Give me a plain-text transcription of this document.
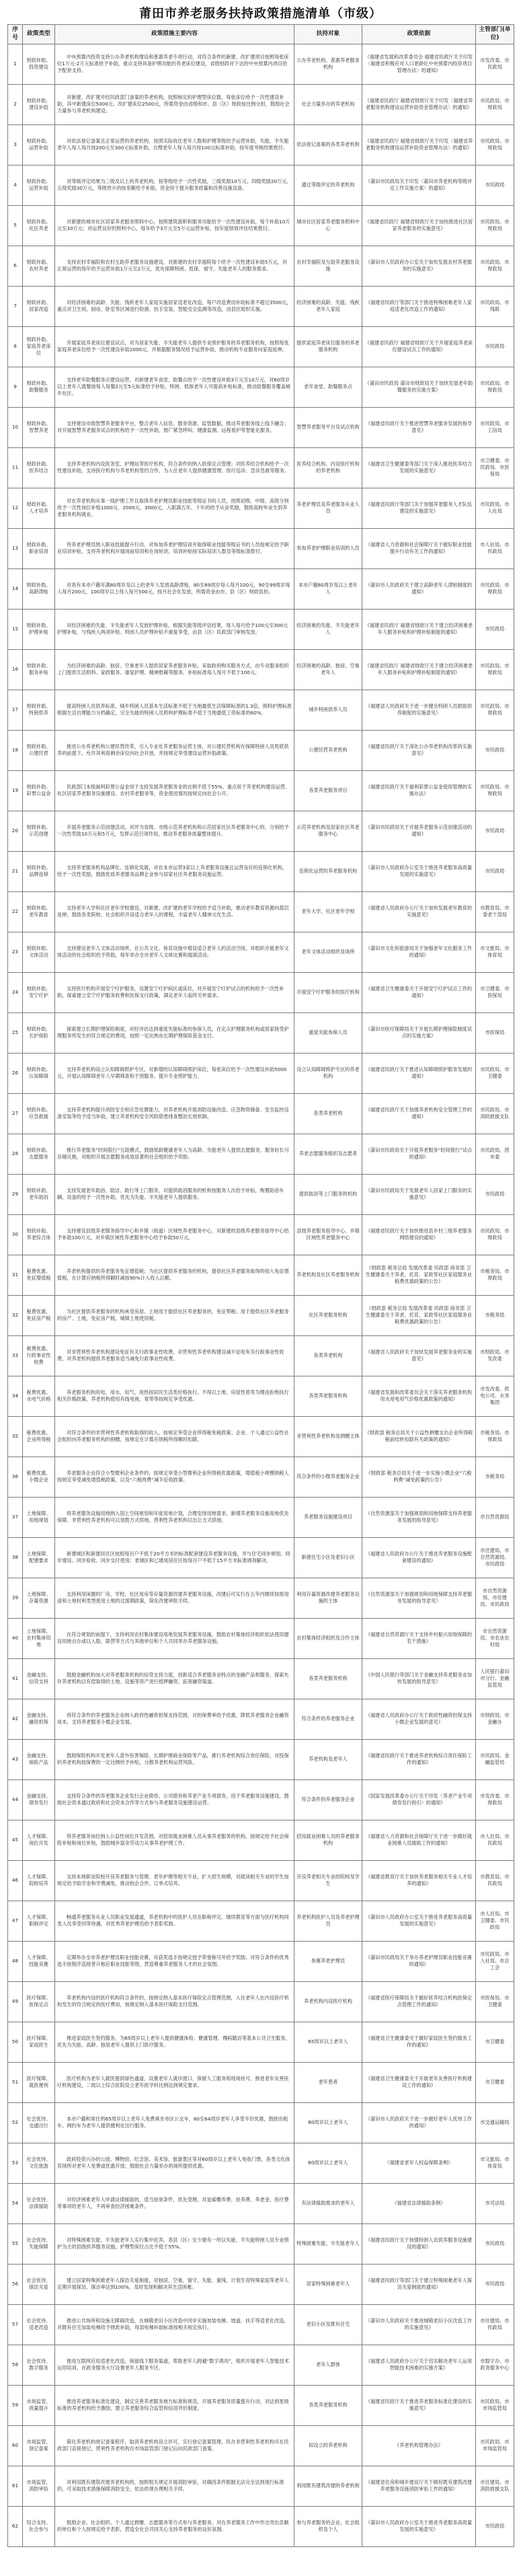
莆田市养老服务扶持政策措施清单（市级）
序号	政策类型	政策措施主要内容	扶持对象	政策依据	主管部门(单位)
1	财政补助、投资建设	中央预算内投资支持公办养老机构建设和普惠养老专项行动，对符合条件的新建、改扩建项目按照每张床位1万元-2万元标准给予补助，重点支持具备护理功能的养老床位建设，省级财政对下达的中央预算内项目给予配套支持。	公办养老机构、普惠养老服务机构	《福建省发展和改革委员会 福建省民政厅关于印发〈福建省积极应对人口老龄化中央预算内投资项目管理办法〉的通知》	市发改委、市民政局
2	财政补助、建设补助	对新建、改扩建并经民政部门备案的养老机构，按照核定的护理型床位数，每张床位给予一次性建设补助，其中新建床位5000元、改扩建床位2500元，所需资金由省级和市、县（区）财政按比例分担，鼓励社会力量参与养老机构建设。	社会力量举办的养老机构	《福建省民政厅 福建省财政厅关于印发〈福建省养老服务机构建设运营补助资金管理办法〉的通知》	市民政局、市财政局
3	财政补助、运营补助	对依法登记备案且正常运营的养老机构，按照实际收住老年人数和护理等级给予运营补助，失能、半失能老年人每人每月按200元至300元标准补助，自理老年人每人每月按100元标准补助，按年度考核结果拨付。	依法登记备案的各类养老机构	《福建省民政厅 福建省财政厅关于印发〈福建省养老服务机构建设运营补助资金管理办法〉的通知》	市民政局、市财政局
4	财政补助、运营补助	对等级评定结果为三级及以上的养老机构，按等级给予一次性奖励，三级奖励10万元、四级奖励20万元、五级奖励30万元，等级晋升的按差额给予补助，资金用于提升服务质量和改善设施设备。	通过等级评定的养老机构	《莆田市民政局关于印发〈莆田市养老机构等级评定工作实施方案〉的通知》	市民政局
5	财政补助、社区养老	对新建的城市社区居家养老服务照料中心，按照建筑面积和服务功能给予一次性建设补助，每个补助10万元至30万元；对运营良好的照料中心，每年给予3万元至5万元运营补贴，按年度绩效评估结果拨付。	城市社区居家养老服务照料中心	《福建省民政厅 福建省财政厅关于加快推进社区居家养老服务的实施意见》	市民政局、市财政局
6	财政补助、农村养老	支持农村幸福院和农村互助养老服务设施建设，对新建的农村幸福院每个给予一次性建设补助5万元，对正常运营的每年给予运营补助1万元至2万元，优先保障特困、低保、留守、失能老年人的服务需求。	农村幸福院及互助养老服务设施	《莆田市人民政府办公室关于加快发展农村养老服务的实施意见》	市民政局、市财政局
7	财政补助、居家改造	对经济困难的高龄、失能、残疾老年人家庭实施居家适老化改造，每户改造费用补助标准不超过3500元，重点对卫生间、厨房、卧室等区域进行防滑、扶手安装、智能安全监测等改造，由县区组织实施。	经济困难的高龄、失能、残疾老年人家庭	《福建省民政厅等部门关于推进特殊困难老年人家庭适老化改造工作的通知》	市民政局、市残联
8	财政补助、家庭养老床位	开展家庭养老床位建设试点，对为居家失能、半失能老年人提供专业照护服务的养老服务机构，按照每张家庭养老床位给予一次性建设补助2000元，并根据服务情况给予运营补助，推动机构专业服务向家庭延伸。	提供家庭养老床位服务的养老服务机构	《福建省民政厅 福建省财政厅关于开展家庭养老床位建设试点工作的通知》	市民政局
9	财政补助、助餐服务	支持老年助餐服务点建设运营，对新建老年食堂、助餐点给予一次性建设补助3万元至10万元，对60周岁以上老年人就餐按每人每餐2元至5元标准给予补贴，特困、低保老年人可提高补贴标准，推动助餐服务覆盖城乡社区。	老年食堂、助餐服务点	《莆田市民政局 莆田市财政局关于加快发展老年助餐服务的实施方案》	市民政局、市财政局
10	财政补助、智慧养老	支持建设市级智慧养老服务平台，整合老年人信息、服务资源、监管数据，推动养老服务线上线下融合；对开展智慧养老服务试点的机构给予一次性补助，推广紧急呼叫、健康监测、远程看护等智能化服务。	智慧养老服务平台及试点机构	《福建省民政厅关于推进智慧养老服务发展的指导意见》	市民政局、市工信局
11	财政补助、医养结合	支持养老机构内设医务室、护理站等医疗机构，符合条件的纳入医保定点管理；对医养结合机构给予一次性建设补助，支持医疗机构与养老机构签约合作，为入住老年人提供健康管理、医疗巡诊、急诊急救等服务。	医养结合机构、内设医疗机构的养老机构	《福建省卫生健康委等部门关于深入推进医养结合发展的实施意见》	市卫健委、市民政局、市医保局
12	财政补助、人才培养	对在养老机构从事一线护理工作且取得养老护理员职业技能等级证书的人员，按照初级、中级、高级分别给予一次性岗位补贴1000元、2000元、3000元，入职满五年、十年的给予从业奖励，鼓励高校毕业生到养老服务机构就业。	养老护理员及养老服务从业人员	《福建省民政厅等部门关于加强养老服务人才队伍建设的实施意见》	市民政局、市人社局
13	财政补助、职业培训	将养老护理员纳入职业技能提升行动，对参加养老护理培训并取得职业技能等级证书的人员按规定给予职业培训补贴，支持养老机构开展岗前培训和在岗轮训，培训补贴按实际培训人数及等级标准拨付。	参加养老护理职业培训的人员	《福建省人力资源和社会保障厅关于做好职业技能提升行动有关工作的通知》	市人社局、市民政局
14	财政补助、高龄津贴	对具有本市户籍年满80周岁及以上的老年人发放高龄津贴，80至89周岁每人每月100元，90至99周岁每人每月200元，100周岁以上每人每月500元，按月社会化发放，所需资金由市、县（区）财政负担。	本市户籍80周岁及以上老年人	《莆田市人民政府关于建立高龄老年人津贴制度的通知》	市民政局、市财政局
15	财政补助、护理补贴	对经济困难的失能、半失能老年人发放护理补贴，根据失能等级评估结果，每人每月给予100元至300元护理补贴，与残疾人两项补贴、特困人员护理补贴不重复享受，由县（区）民政部门审核发放。	经济困难的失能、半失能老年人	《福建省民政厅 福建省财政厅关于建立经济困难老年人服务补贴和护理补贴制度的通知》	市民政局
16	财政补助、服务补贴	为经济困难的高龄、独居、空巢老年人提供居家养老服务补贴，采取政府购买服务方式，由专业服务组织上门提供生活照料、家政服务、康复护理、精神慰藉等服务，补贴标准每人每月不低于100元。	经济困难的高龄、独居、空巢老年人	《福建省民政厅 福建省财政厅关于建立经济困难老年人服务补贴和护理补贴制度的通知》	市民政局、市财政局
17	财政补助、特困供养	提高特困人员供养标准，城乡特困人员基本生活标准不低于当地最低生活保障标准的1.3倍，照料护理标准根据生活自理能力分档确定，完全失能的特困人员照料护理标准不低于当地最低工资标准的60%。	城乡特困供养人员	《福建省人民政府关于进一步健全特困人员救助供养制度的实施意见》	市民政局、市财政局
18	财政补助、公建民营	推进公办养老机构公建民营改革，引入专业化养老服务运营主体，对公建民营机构在保障特困人员兜底供养的前提下，允许其利用剩余床位向社会开放，并按规定享受建设运营补助政策。	公建民营养老机构	《福建省民政厅关于深化公办养老机构改革的实施意见》	市民政局
19	财政补助、彩票公益金	民政部门本级福利彩票公益金用于支持发展养老服务业的比例不低于55%，重点用于养老机构建设运营、社区居家养老服务设施建设、农村养老服务等，资金使用情况按规定向社会公开。	各类养老服务项目	《福建省民政厅关于福利彩票公益金使用管理的实施办法》	市民政局、市财政局
20	财政补助、示范创建	开展养老服务示范创建活动，对评为省级、市级示范养老机构和示范居家社区养老服务中心的，分别给予一次性奖励10万元和5万元，发挥示范引领作用，推动养老服务质量整体提升。	示范养老机构及居家社区养老服务中心	《莆田市民政局关于开展养老服务示范创建活动的通知》	市民政局
21	财政补助、品牌连锁	支持养老服务机构品牌化、连锁化发展，对在本市运营3家以上养老服务设施且运营良好的连锁化机构，给予一次性奖励，鼓励优质养老服务品牌企业参与居家社区养老服务设施运营。	连锁化运营的养老服务机构	《莆田市人民政府办公室关于推进养老服务高质量发展的实施意见》	市民政局
22	财政补助、老年教育	支持老年大学和社区老年学校建设，对新建、改扩建的老年学校给予适当补助，推动老年教育资源向基层延伸，鼓励各类院校、社会组织开设适合老年人的课程，丰富老年人精神文化生活。	老年大学、社区老年学校	《福建省人民政府办公厅关于加快发展老年教育的实施意见》	市教育局、市委老干部局
23	财政补助、文体活动	支持建设老年人文体活动场所，在公共文化、体育设施中增设适合老年人的活动空间，对组织开展老年文体活动的社会组织给予资助，每年举办全市老年人文体比赛和展演活动。	老年文体活动组织及场所	《莆田市文化和旅游局关于加强老年文化服务工作的通知》	市文旅局、市体育局
24	财政补助、安宁疗护	支持医疗机构开展安宁疗护服务，设置安宁疗护病区或床位，对开展安宁疗护试点的机构给予一次性补助，探索建立安宁疗护服务收费和医保支付政策，满足老年人临终关怀需求。	开展安宁疗护服务的医疗机构	《福建省卫生健康委关于开展安宁疗护试点工作的通知》	市卫健委、市医保局
25	财政补助、长护保险	探索建立长期护理保险制度，对经评估达到重度失能标准的参保人员，在定点护理服务机构或居家接受护理服务所发生的符合规定的费用，按照一定比例由长期护理保险基金支付。	重度失能参保人员	《莆田市医疗保障局关于开展长期护理保险制度试点的实施方案》	市医保局
26	财政补助、认知障碍	支持养老机构设立认知障碍照护专区，对新增的认知障碍照护床位，每张床位给予一次性建设补助5000元，开展认知障碍老年人早期筛查和干预服务，提升专业照护能力。	设立认知障碍照护专区的养老机构	《福建省民政厅关于推进认知障碍照护服务发展的通知》	市民政局、市卫健委
27	财政补助、应急救援	支持养老机构提升消防安全和应急处置能力，对养老机构开展消防设施改造、应急物资储备、安全监控设备安装等给予适当补助，建立养老机构安全风险隐患排查整治长效机制。	各类养老机构	《福建省民政厅关于加强养老机构安全管理工作的通知》	市民政局、市消防救援支队
28	财政补助、志愿服务	推行养老服务“时间银行”互助模式，鼓励低龄健康老年人为高龄、失能老年人提供志愿服务，服务时长可存储兑换，对组织开展志愿服务成效显著的社会组织给予资助。	养老志愿服务组织及志愿者	《莆田市民政局关于开展养老服务“时间银行”试点的通知》	市民政局、团市委
29	财政补助、老年助浴	支持发展老年助浴、助洁、助行等上门服务，对提供助浴服务的机构按服务人次给予补贴，购置助浴车辆、设备的给予一次性补助，优先为失能、半失能老年人提供服务。	提供助浴等上门服务的机构	《莆田市民政局关于发展老年人居家上门服务的实施意见》	市民政局
30	财政补助、养老综合体	支持建设县级养老服务指导中心和乡镇（街道）区域性养老服务中心，对新建的县级养老服务指导中心给予补助100万元，对乡镇区域性养老服务中心给予补助50万元。	县级养老服务指导中心、乡镇区域性养老服务中心	《福建省民政厅关于加快推进县乡村三级养老服务网络建设的通知》	市民政局、市财政局
31	税费优惠、免征增值税	养老机构提供的养老服务免征增值税；为社区提供养老服务的机构，提供社区养老服务取得的收入免征增值税，在计算应纳税所得额时减按90%计入收入总额。	养老机构及社区养老服务机构	《财政部 税务总局 发展改革委 民政部 商务部 卫生健康委关于养老、托育、家政等社区家庭服务业税费优惠政策的公告》	市税务局、市财政局
32	税费优惠、免征房产税	为社区提供养老服务的机构承受房屋、土地用于提供社区养老服务的，免征契税；用于提供社区养老服务的房产、土地，免征房产税、城镇土地使用税。	社区养老服务机构	《财政部 税务总局 发展改革委 民政部 商务部 卫生健康委关于养老、托育、家政等社区家庭服务业税费优惠政策的公告》	市税务局
33	税费优惠、行政事业性收费	对非营利性养老机构建设免征有关行政事业性收费，对营利性养老机构建设减半征收有关行政事业性收费，对养老机构提供养老服务适当减免行政事业性收费。	各类养老机构	《福建省人民政府关于加快发展养老服务业的实施意见》	市财政局、市发改委
34	税费优惠、水电气价格	养老服务机构用电、用水、用气、用热按居民生活类价格执行，不得以土地、房屋性质等为理由拒绝执行相关价格政策，养老机构使用有线电视、宽带等按规定享受优惠。	各类养老服务机构	《福建省发展和改革委员会关于落实养老服务机构用水用电用气价格优惠政策的通知》	市发改委、供电公司、水务集团
35	税费优惠、企业所得税	对符合条件的非营利性养老机构取得的收入，按规定享受企业所得税免税政策；企业、个人通过公益性社会组织向养老服务机构的捐赠，按规定在计算应纳税所得额时扣除。	非营利性养老机构及捐赠主体	《财政部 税务总局关于公益性捐赠支出企业所得税税前结转扣除有关政策的通知》	市税务局、市财政局
36	税费优惠、小微企业	养老服务企业符合小型微利企业条件的，按规定享受小型微利企业所得税优惠政策，增值税小规模纳税人按规定享受减免增值税政策，以及“六税两费”减半征收政策。	符合条件的小微养老服务企业	《财政部 税务总局关于进一步实施小微企业“六税两费”减免政策的公告》	市税务局
37	土地保障、用地规划	将养老服务设施用地纳入国土空间规划和年度用地计划，合理安排用地需求，新增养老服务设施用地优先保障，非营利性养老机构可以划拨方式供地，营利性养老机构以出让方式供地。	养老服务设施建设项目	《自然资源部关于加强规划和用地保障支持养老服务发展的指导意见》	市自然资源局
38	土地保障、配建要求	新建城区和新建居住区按照每百户不低于20平方米的标准配套建设养老服务设施，并与住宅同步规划、同步建设、同步验收、同步交付使用；老城区和已建成居住区按每百户不低于15平方米标准调剂解决。	新建住宅小区及老旧小区	《福建省人民政府办公厅关于推进养老服务设施配套建设的通知》	市住建局、市自然资源局、市民政局
39	土地保障、存量资源	支持利用闲置的厂房、学校、社区用房等存量资源改建养老服务设施，改建后可实行在五年内继续按原用途和土地权利类型使用土地的过渡期政策，简化改建审批手续。	利用存量资源改建养老服务设施的主体	《自然资源部关于加强规划和用地保障支持养老服务发展的指导意见》	市自然资源局、市住建局、市民政局
40	土地保障、农村集体用地	在符合规划的前提下，支持利用农村集体建设用地发展养老服务设施，鼓励农村集体经济组织依法使用建设用地自办或以入股、联营等方式与其他单位和个人共同举办养老服务设施。	农村集体经济组织及合作主体	《福建省自然资源厅关于支持乡村振兴用地保障的若干措施》	市自然资源局、市农业农村局
41	金融支持、信贷支持	鼓励金融机构加大对养老服务机构的信贷支持力度，创新适合养老服务业特点的金融产品和服务，探索允许养老机构以有偿取得的土地、设施等资产进行抵押融资，拓宽融资渠道。	各类养老服务机构	《中国人民银行等部门关于金融支持养老服务业加快发展的指导意见》	人民银行莆田市分行、金融监管局
42	金融支持、融资担保	将符合条件的养老服务企业纳入政府性融资担保支持范围，对担保费率给予优惠，降低养老服务企业融资成本，支持养老服务小微企业发展。	符合条件的养老服务企业	《福建省人民政府办公厅关于政府性融资担保支持小微企业发展的意见》	市财政局、市金融办
43	金融支持、保险产品	鼓励保险机构开发老年人意外伤害保险、长期护理商业保险等产品，推行养老机构综合责任保险，对投保的养老机构按保费的一定比例给予补贴，分散养老机构运营风险。	养老机构及老年人	《福建省民政厅关于推进养老机构综合责任保险工作的通知》	市民政局、金融监管局
44	金融支持、债券发行	支持符合条件的养老服务企业发行企业债券、公司债券和养老产业专项债券，用于养老服务设施建设，鼓励社会资本通过政府和社会资本合作等方式参与养老服务设施建设运营。	符合条件的养老服务企业	《国家发展改革委办公厅关于印发〈养老产业专项债券发行指引〉的通知》	市发改委、市财政局
45	人才保障、岗位开发	将养老服务岗位纳入公益性岗位开发范围，对招用就业困难人员从事养老服务的机构，按规定给予社会保险补贴和岗位补贴，鼓励城乡富余劳动力从事养老护理工作。	招用就业困难人员的养老服务机构	《福建省人力资源和社会保障厅关于进一步做好就业困难人员援助工作的通知》	市人社局、市民政局
46	人才保障、院校培养	支持本地职业院校开设养老服务与管理、老年护理等相关专业，扩大招生规模，对就读相关专业的学生按规定给予助学金和学费减免，推动校企合作、订单式培养。	开设养老相关专业的院校及学生	《福建省教育厅关于加快养老服务相关专业人才培养的通知》	市教育局、市民政局
47	人才保障、职称评定	畅通养老服务从业人员职业发展通道，养老机构中的医护人员在职称评定、继续教育等方面与医疗机构同类人员享受同等待遇，对优秀养老护理员给予表彰奖励。	养老机构医护人员及养老护理员	《莆田市人民政府办公室关于推进养老服务高质量发展的实施意见》	市人社局、市卫健委、市民政局
48	人才保障、技能竞赛	定期举办全市养老护理员职业技能竞赛，对获奖选手按规定授予荣誉称号并给予奖励，对符合条件的优秀选手按程序直接晋升相应职业技能等级，营造尊重养老服务人才的社会氛围。	参赛养老护理员	《莆田市民政局关于举办养老护理员职业技能竞赛的通知》	市民政局、市人社局、市总工会
49	医疗保障、医保定点	养老机构内设的医疗机构符合条件的，按规定纳入基本医疗保险定点管理范围，入住老年人在内设医疗机构发生的符合规定的医疗费用，按规定纳入基本医疗保险支付范围。	养老机构内设医疗机构	《福建省医疗保障局关于做好医养结合机构医保定点管理工作的通知》	市医保局、市卫健委
50	医疗保障、家庭医生	推进家庭医生签约服务，为65周岁以上老年人提供健康体检、健康管理、慢病随访等基本公共卫生服务，优先为失能、高龄、独居老年人提供上门医疗服务。	65周岁以上老年人	《福建省卫生健康委关于做好家庭医生签约服务工作的通知》	市卫健委
51	医疗保障、就医便利	医疗机构为老年人就医提供绿色通道，设置老年人就诊窗口，保留人工服务和现场挂号，推进老年友善医疗机构建设，二级以上综合医院设立老年医学科比例达到规定要求。	老年患者	《福建省卫生健康委关于开展老年友善医疗机构建设工作的通知》	市卫健委
52	社会优待、交通出行	本市户籍和常住的65周岁以上老年人免费乘坐市区公交车，60至64周岁老年人享受半价优惠，鼓励出租车、网约车为老年人提供便利化出行服务。	60周岁以上老年人	《莆田市人民政府关于进一步做好老年人优待工作的通知》	市交通运输局
53	社会优待、文化旅游	政府投资兴办的公园、博物馆、纪念馆、美术馆、旅游景区等对60周岁以上老年人免收门票，各类文化体育场所对老年人免费或优惠开放，鼓励社会力量举办的场所提供优惠。	60周岁以上老年人	《福建省老年人权益保障条例》	市文旅局、市体育局
54	社会优待、法律援助	对经济困难老年人申请法律援助的，适当放宽条件，优先受理，对追索赡养费、扶养费、养老金、医疗费等事项的老年人，不再审查经济困难条件。	有法律援助需求的老年人	《福建省法律援助条例》	市司法局
55	社会优待、失能保障	对特殊困难失能、半失能老年人实行集中托养，各县（区）至少建有一所以失能、半失能特困人员专业照护为主的县级供养服务设施，护理型床位占比不低于55%。	特殊困难失能、半失能老年人	《福建省民政厅关于加强特困人员供养服务设施建设的通知》	市民政局
56	社会优待、探访关爱	建立居家特殊困难老年人探访关爱制度，对独居、空巢、留守、失能、重残、计划生育特殊家庭等老年人定期开展探访，探访率达到100%，及时发现和解决其生活困难。	居家特殊困难老年人	《福建省民政厅等部门关于建立特殊困难老年人探访关爱制度的通知》	市民政局
57	社会优待、适老改造	推进公共场所和设施无障碍改造，在城镇老旧小区改造中同步实施加装电梯、坡道、扶手等适老化改造，对既有住宅加装电梯给予财政补助，每部电梯补助标准按相关规定执行。	老旧小区及既有住宅	《莆田市人民政府关于推进城镇老旧小区改造工作的实施意见》	市住建局、市民政局
58	社会优待、数字服务	推进互联网应用适老化改造，保留线下服务渠道，帮助老年人跨越“数字鸿沟”，组织开展老年人智能技术运用培训，在政务服务大厅设置老年人服务专区。	老年人群体	《福建省人民政府办公厅关于切实解决老年人运用智能技术困难的实施方案》	市数字办、市政务服务中心
59	市场监管、质量提升	推进养老服务标准化建设，制定完善养老服务地方标准和规范，开展养老服务质量提升行动，对达到星级标准的养老机构给予激励，建立养老服务综合监管和信用评价制度。	各类养老服务机构	《福建省民政厅关于推进养老服务标准化建设的实施意见》	市民政局、市市场监管局
60	市场监管、登记备案	简化养老机构登记备案程序，取消养老机构设立许可，实行登记备案管理，民办非营利性养老机构可在民政部门直接登记，营利性养老机构在市场监管部门登记后向民政部门备案。	拟设立的养老机构	《养老机构管理办法》	市民政局、市市场监管局
61	市场监管、消防审验	对利用既有建筑改建养老机构的，按照相关规定开展消防审验，对确因条件限制无法完全达到现行标准的，可采取技术措施保障消防安全，依法依规办理相关手续。	利用既有建筑改建的养老机构	《福建省住房和城乡建设厅关于做好既有建筑改建养老服务设施消防审验工作的通知》	市住建局、市消防救援支队
62	综合支持、社会参与	鼓励企业、社会组织、个人通过捐赠、志愿服务等方式参与养老服务，对在养老服务工作中作出突出贡献的单位和个人按规定给予表彰，营造全社会共同关心支持养老服务的良好氛围。	参与养老服务的企业、社会组织及个人	《莆田市人民政府办公室关于推进养老服务高质量发展的实施意见》	市民政局
